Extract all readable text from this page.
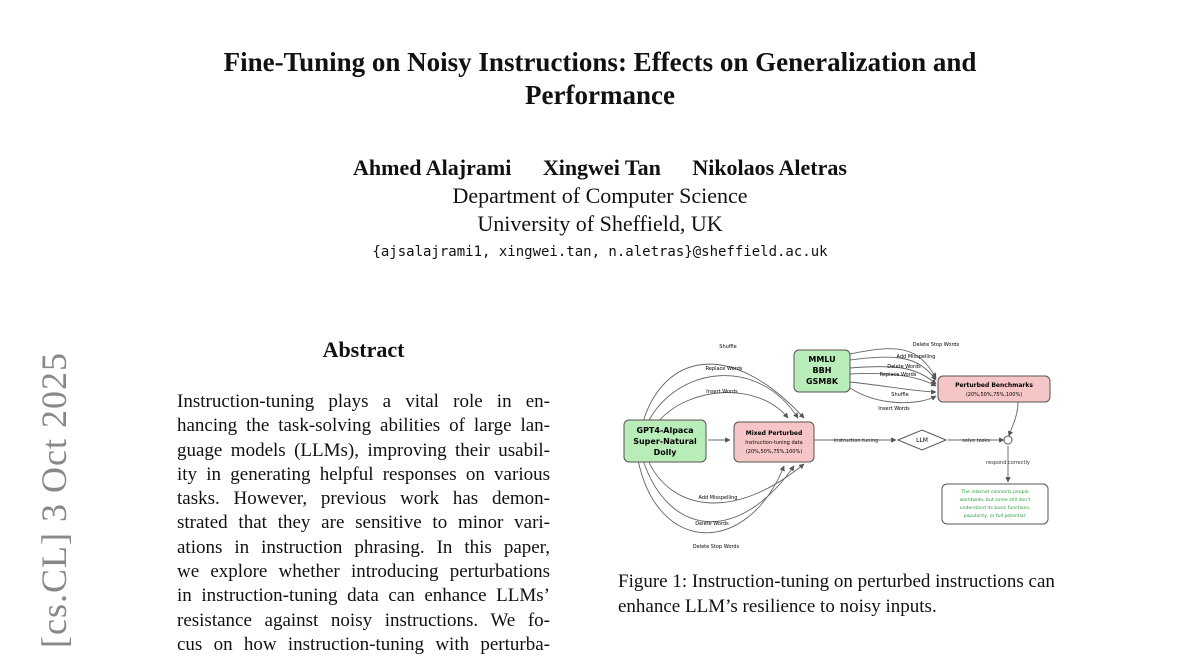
Fine-Tuning on Noisy Instructions: Effects on Generalization and
Performance
Ahmed Alajrami Xingwei Tan Nikolaos Aletras
Department of Computer Science
University of Sheffield, UK
{ajsalajrami1, xingwei.tan, n.aletras}@sheffield.ac.uk
[cs.CL] 3 Oct 2025
Abstract
Instruction-tuning plays a vital role in en-
hancing the task-solving abilities of large lan-
guage models (LLMs), improving their usabil-
ity in generating helpful responses on various
tasks. However, previous work has demon-
strated that they are sensitive to minor vari-
ations in instruction phrasing. In this paper,
we explore whether introducing perturbations
in instruction-tuning data can enhance LLMs’
resistance against noisy instructions. We fo-
cus on how instruction-tuning with perturba-
GPT4-Alpaca
Super-Natural
Dolly
Mixed Perturbed
Instruction-tuning data
(20%,50%,75%,100%)
Shuffle
Replace Words
Insert Words
Add Misspelling
Delete Words
Delete Stop Words
Instruction tuning	LLM	solve tasks
respond correctly
MMLU
BBH
GSM8K	Perturbed Benchmarks
(20%,50%,75%,100%)
Delete Stop Words
Add Misspelling
Delete Words
Replace Words
Shuffle
Insert Words
The internet connects people
worldwide, but some still don't
understand its basic functions,
popularity, or full potential.
Figure 1: Instruction-tuning on perturbed instructions can enhance LLM’s resilience to noisy inputs.
